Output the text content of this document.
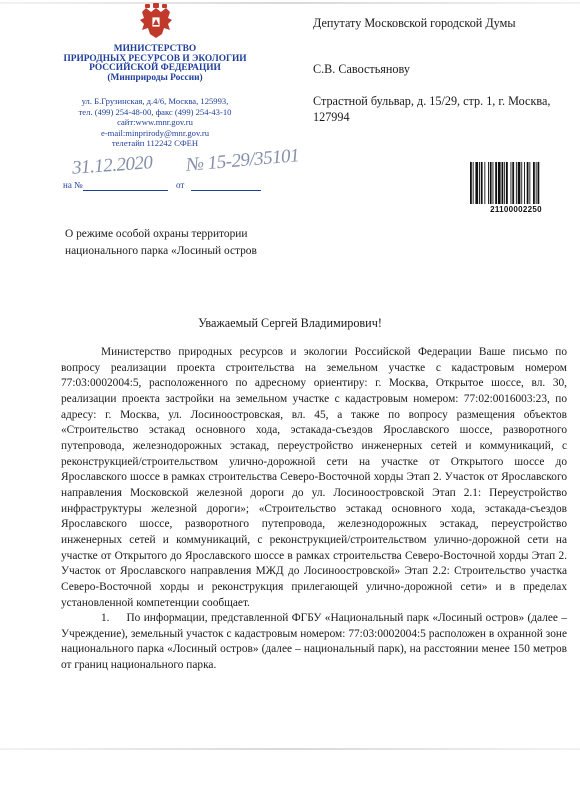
МИНИСТЕРСТВО
ПРИРОДНЫХ РЕСУРСОВ И ЭКОЛОГИИ
РОССИЙСКОЙ ФЕДЕРАЦИИ
(Минприроды России)
ул. Б.Грузинская, д.4/6, Москва, 125993,
тел. (499) 254-48-00, факс (499) 254-43-10
сайт:www.mnr.gov.ru
e-mail:minprirody@mnr.gov.ru
телетайп 112242 СФЕН
31.12.2020 № 15-29/35101
на №	от
Депутату Московской городской Думы
С.В. Савостьянову
Страстной бульвар, д. 15/29, стр. 1, г. Москва, 127994
21100002250
О режиме особой охраны территории национального парка «Лосиный остров
Уважаемый Сергей Владимирович!

Министерство природных ресурсов и экологии Российской Федерации Ваше письмо по вопросу реализации проекта строительства на земельном участке с кадастровым номером 77:03:0002004:5, расположенного по адресному ориентиру: г. Москва, Открытое шоссе, вл. 30, реализации проекта застройки на земельном участке с кадастровым номером: 77:02:0016003:23, по адресу: г. Москва, ул. Лосиноостровская, вл. 45, а также по вопросу размещения объектов «Строительство эстакад основного хода, эстакада-съездов Ярославского шоссе, разворотного путепровода, железнодорожных эстакад, переустройство инженерных сетей и коммуникаций, с реконструкцией/строительством улично-дорожной сети на участке от Открытого шоссе до Ярославского шоссе в рамках строительства Северо-Восточной хорды Этап 2. Участок от Ярославского направления Московской железной дороги до ул. Лосиноостровской Этап 2.1: Переустройство инфраструктуры железной дороги»; «Строительство эстакад основного хода, эстакада-съездов Ярославского шоссе, разворотного путепровода, железнодорожных эстакад, переустройство инженерных сетей и коммуникаций, с реконструкцией/строительством улично-дорожной сети на участке от Открытого до Ярославского шоссе в рамках строительства Северо-Восточной хорды Этап 2. Участок от Ярославского направления МЖД до Лосиноостровской» Этап 2.2: Строительство участка Северо-Восточной хорды и реконструкция прилегающей улично-дорожной сети» и в пределах установленной компетенции сообщает.

1.     По информации, представленной ФГБУ «Национальный парк «Лосиный остров» (далее – Учреждение), земельный участок с кадастровым номером: 77:03:0002004:5 расположен в охранной зоне национального парка «Лосиный остров» (далее – национальный парк), на расстоянии менее 150 метров от границ национального парка.
